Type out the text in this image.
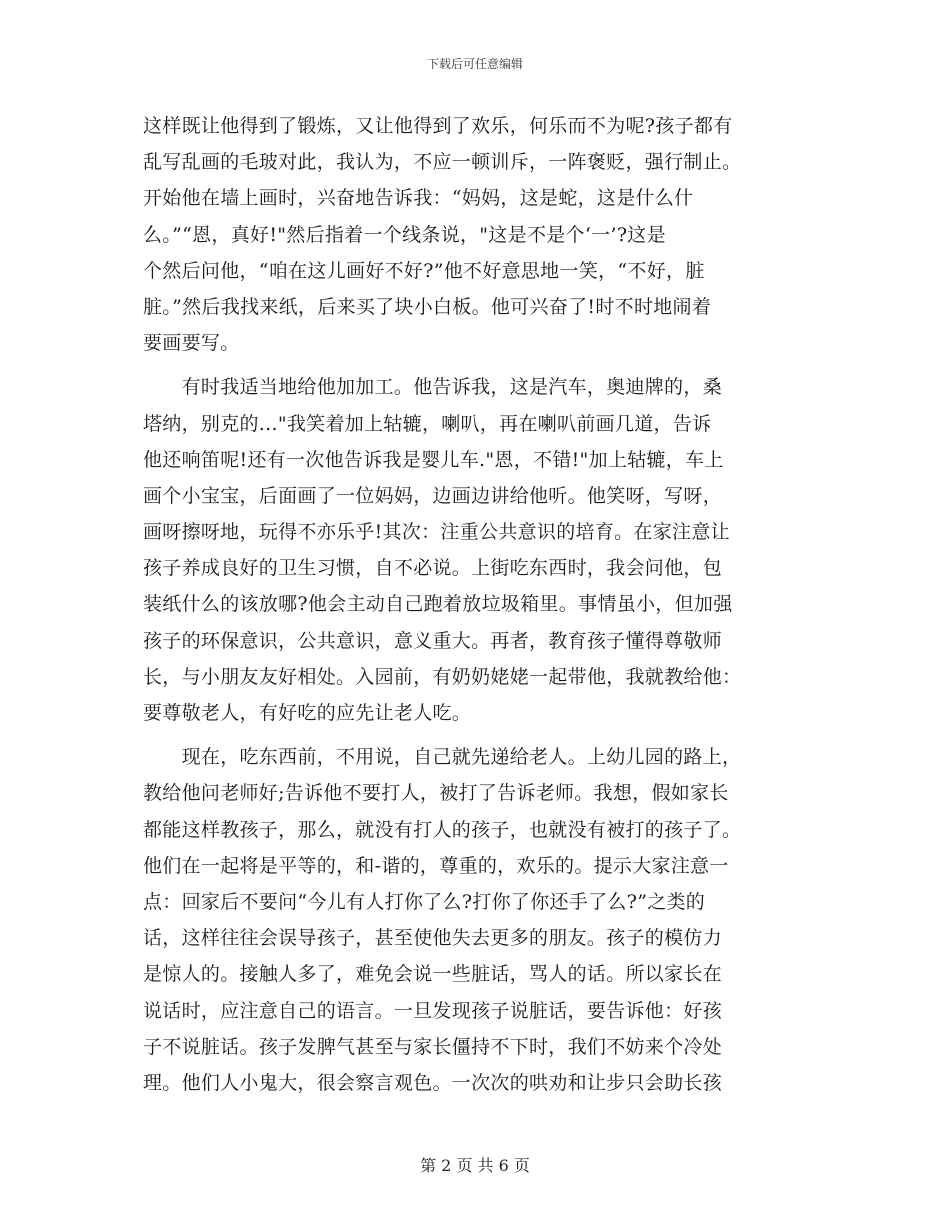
下载后可任意编辑
这样既让他得到了锻炼，又让他得到了欢乐，何乐而不为呢?孩子都有
乱写乱画的毛玻对此，我认为，不应一顿训斥，一阵褒贬，强行制止。
开始他在墙上画时，兴奋地告诉我：“妈妈，这是蛇，这是什么什
么。”“恩，真好!"然后指着一个线条说，"这是不是个‘一’?这是
个然后问他，“咱在这儿画好不好?”他不好意思地一笑，“不好，脏
脏。”然后我找来纸，后来买了块小白板。他可兴奋了!时不时地闹着
要画要写。
　　有时我适当地给他加加工。他告诉我，这是汽车，奥迪牌的，桑
塔纳，别克的..."我笑着加上轱辘，喇叭，再在喇叭前画几道，告诉
他还响笛呢!还有一次他告诉我是婴儿车."恩，不错!"加上轱辘，车上
画个小宝宝，后面画了一位妈妈，边画边讲给他听。他笑呀，写呀，
画呀擦呀地，玩得不亦乐乎!其次：注重公共意识的培育。在家注意让
孩子养成良好的卫生习惯，自不必说。上街吃东西时，我会问他，包
装纸什么的该放哪?他会主动自己跑着放垃圾箱里。事情虽小，但加强
孩子的环保意识，公共意识，意义重大。再者，教育孩子懂得尊敬师
长，与小朋友友好相处。入园前，有奶奶姥姥一起带他，我就教给他：
要尊敬老人，有好吃的应先让老人吃。
　　现在，吃东西前，不用说，自己就先递给老人。上幼儿园的路上，
教给他问老师好;告诉他不要打人，被打了告诉老师。我想，假如家长
都能这样教孩子，那么，就没有打人的孩子，也就没有被打的孩子了。
他们在一起将是平等的，和-谐的，尊重的，欢乐的。提示大家注意一
点：回家后不要问“今儿有人打你了么?打你了你还手了么?”之类的
话，这样往往会误导孩子，甚至使他失去更多的朋友。孩子的模仿力
是惊人的。接触人多了，难免会说一些脏话，骂人的话。所以家长在
说话时，应注意自己的语言。一旦发现孩子说脏话，要告诉他：好孩
子不说脏话。孩子发脾气甚至与家长僵持不下时，我们不妨来个冷处
理。他们人小鬼大，很会察言观色。一次次的哄劝和让步只会助长孩
第 2 页 共 6 页
